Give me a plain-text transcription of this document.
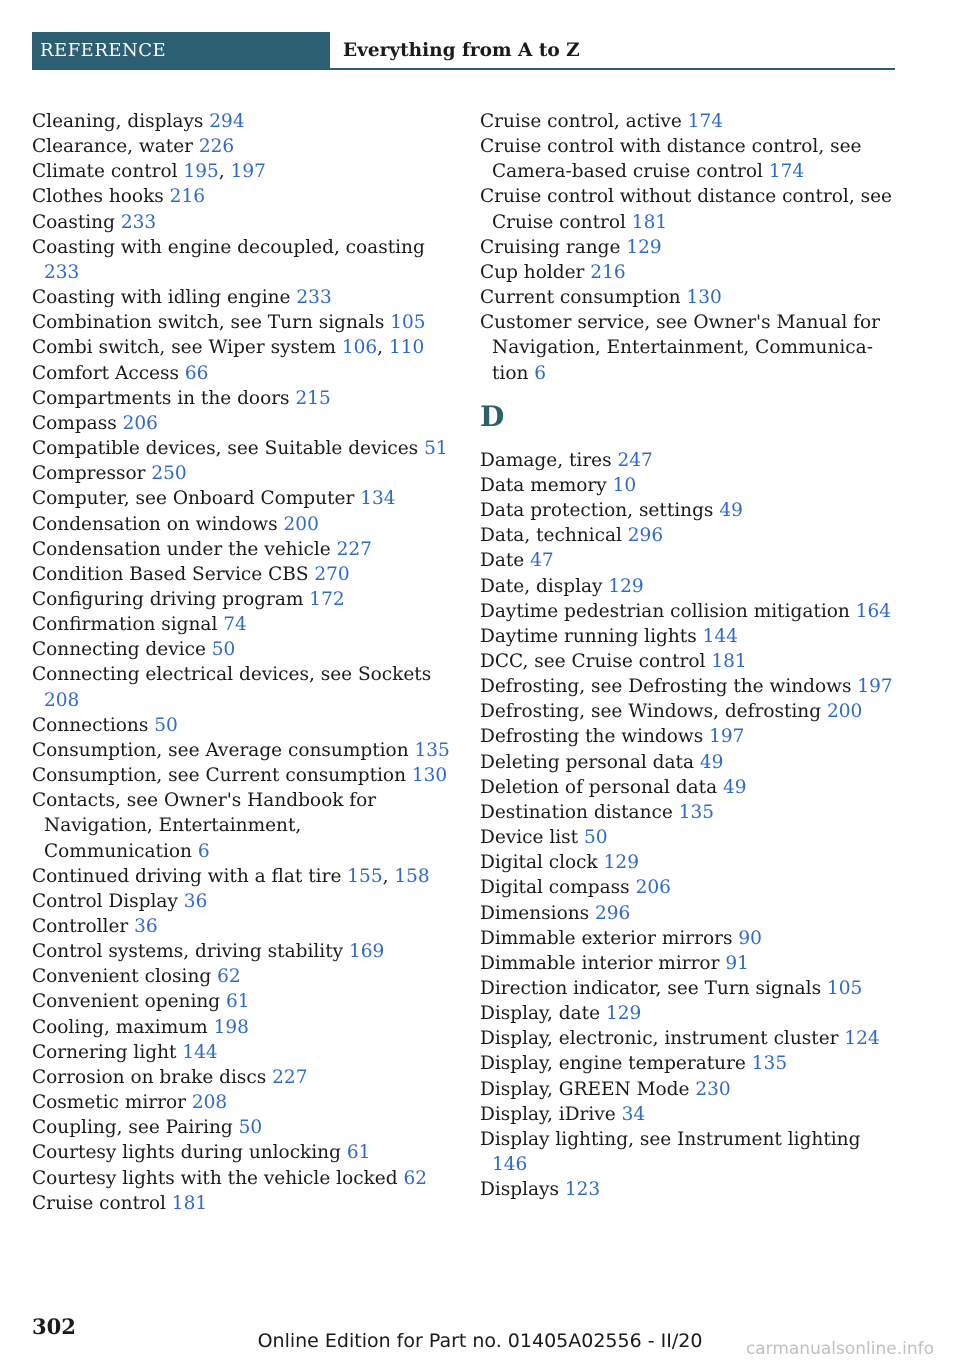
REFERENCE	Everything from A to Z
Cleaning, displays 294
Clearance, water 226
Climate control 195, 197
Clothes hooks 216
Coasting 233
Coasting with engine decoupled, coasting 233
Coasting with idling engine 233
Combination switch, see Turn signals 105
Combi switch, see Wiper system 106, 110
Comfort Access 66
Compartments in the doors 215
Compass 206
Compatible devices, see Suitable devices 51
Compressor 250
Computer, see Onboard Computer 134
Condensation on windows 200
Condensation under the vehicle 227
Condition Based Service CBS 270
Configuring driving program 172
Confirmation signal 74
Connecting device 50
Connecting electrical devices, see Sockets 208
Connections 50
Consumption, see Average consumption 135
Consumption, see Current consumption 130
Contacts, see Owner's Handbook for Navigation, Entertainment, Communication 6
Continued driving with a flat tire 155, 158
Control Display 36
Controller 36
Control systems, driving stability 169
Convenient closing 62
Convenient opening 61
Cooling, maximum 198
Cornering light 144
Corrosion on brake discs 227
Cosmetic mirror 208
Coupling, see Pairing 50
Courtesy lights during unlocking 61
Courtesy lights with the vehicle locked 62
Cruise control 181
Cruise control, active 174
Cruise control with distance control, see Camera-based cruise control 174
Cruise control without distance control, see Cruise control 181
Cruising range 129
Cup holder 216
Current consumption 130
Customer service, see Owner's Manual for Navigation, Entertainment, Communication 6
D
Damage, tires 247
Data memory 10
Data protection, settings 49
Data, technical 296
Date 47
Date, display 129
Daytime pedestrian collision mitigation 164
Daytime running lights 144
DCC, see Cruise control 181
Defrosting, see Defrosting the windows 197
Defrosting, see Windows, defrosting 200
Defrosting the windows 197
Deleting personal data 49
Deletion of personal data 49
Destination distance 135
Device list 50
Digital clock 129
Digital compass 206
Dimensions 296
Dimmable exterior mirrors 90
Dimmable interior mirror 91
Direction indicator, see Turn signals 105
Display, date 129
Display, electronic, instrument cluster 124
Display, engine temperature 135
Display, GREEN Mode 230
Display, iDrive 34
Display lighting, see Instrument lighting 146
Displays 123
302
Online Edition for Part no. 01405A02556 - II/20	carmanualsonline.info
